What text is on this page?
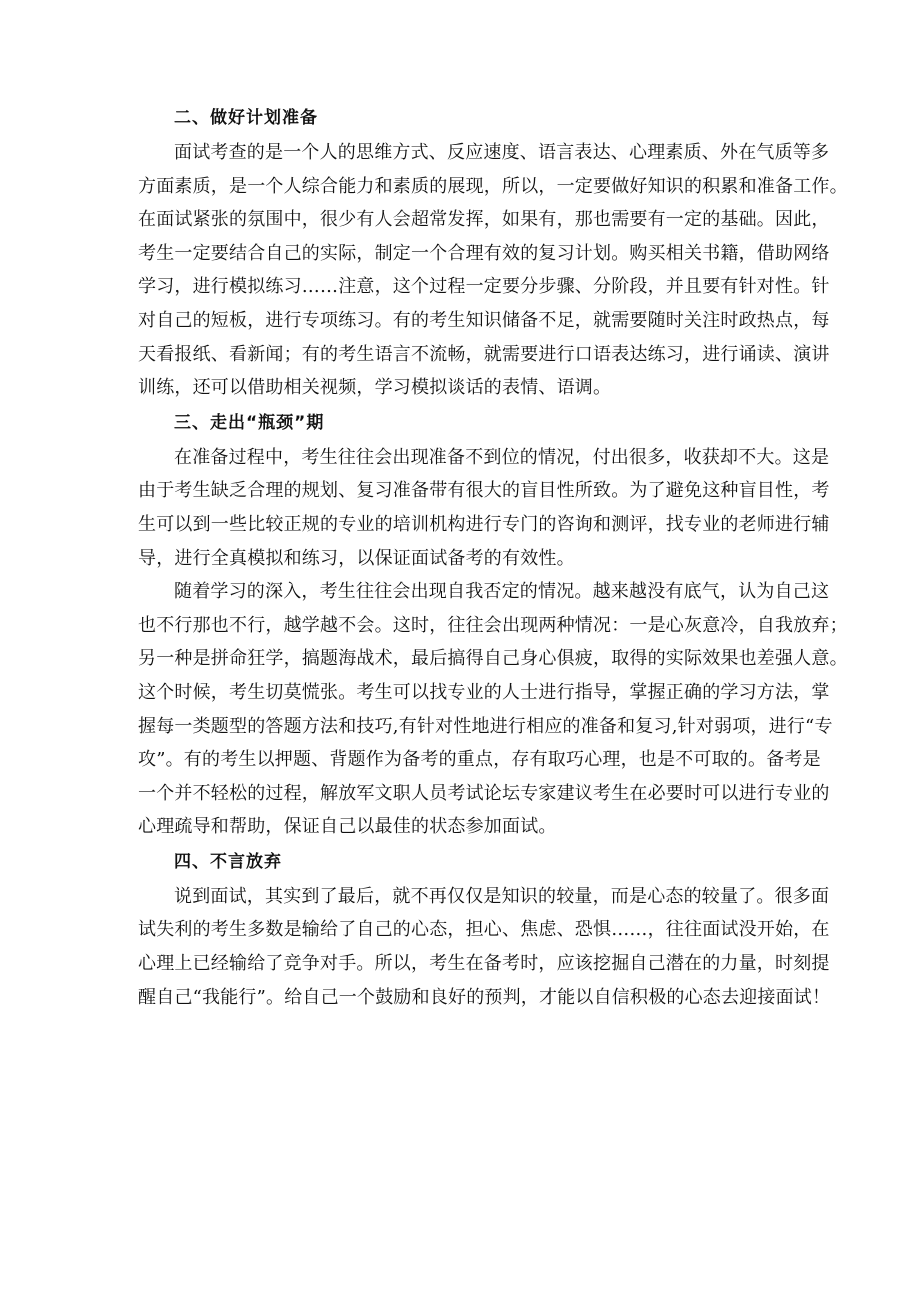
二、做好计划准备

面试考查的是一个人的思维方式、反应速度、语言表达、心理素质、外在气质等多

方面素质，是一个人综合能力和素质的展现，所以，一定要做好知识的积累和准备工作。

在面试紧张的氛围中，很少有人会超常发挥，如果有，那也需要有一定的基础。因此，

考生一定要结合自己的实际，制定一个合理有效的复习计划。购买相关书籍，借助网络

学习，进行模拟练习……注意，这个过程一定要分步骤、分阶段，并且要有针对性。针

对自己的短板，进行专项练习。有的考生知识储备不足，就需要随时关注时政热点，每

天看报纸、看新闻；有的考生语言不流畅，就需要进行口语表达练习，进行诵读、演讲

训练，还可以借助相关视频，学习模拟谈话的表情、语调。

三、走出“瓶颈”期

在准备过程中，考生往往会出现准备不到位的情况，付出很多，收获却不大。这是

由于考生缺乏合理的规划、复习准备带有很大的盲目性所致。为了避免这种盲目性，考

生可以到一些比较正规的专业的培训机构进行专门的咨询和测评，找专业的老师进行辅

导，进行全真模拟和练习，以保证面试备考的有效性。

随着学习的深入，考生往往会出现自我否定的情况。越来越没有底气，认为自己这

也不行那也不行，越学越不会。这时，往往会出现两种情况：一是心灰意冷，自我放弃；

另一种是拼命狂学，搞题海战术，最后搞得自己身心俱疲，取得的实际效果也差强人意。

这个时候，考生切莫慌张。考生可以找专业的人士进行指导，掌握正确的学习方法，掌

握每一类题型的答题方法和技巧,有针对性地进行相应的准备和复习,针对弱项，进行“专

攻”。有的考生以押题、背题作为备考的重点，存有取巧心理，也是不可取的。备考是

一个并不轻松的过程，解放军文职人员考试论坛专家建议考生在必要时可以进行专业的

心理疏导和帮助，保证自己以最佳的状态参加面试。

四、不言放弃

说到面试，其实到了最后，就不再仅仅是知识的较量，而是心态的较量了。很多面

试失利的考生多数是输给了自己的心态，担心、焦虑、恐惧……，往往面试没开始，在

心理上已经输给了竞争对手。所以，考生在备考时，应该挖掘自己潜在的力量，时刻提

醒自己“我能行”。给自己一个鼓励和良好的预判，才能以自信积极的心态去迎接面试！
